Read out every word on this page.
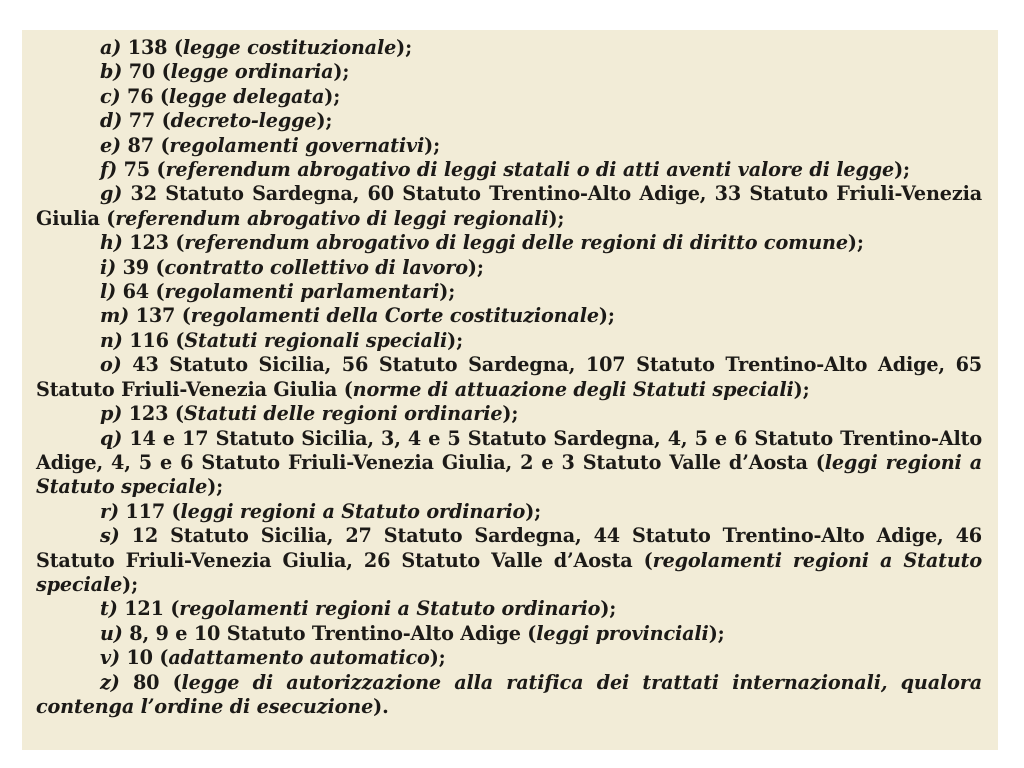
a) 138 (legge costituzionale);

b) 70 (legge ordinaria);

c) 76 (legge delegata);

d) 77 (decreto-legge);

e) 87 (regolamenti governativi);

f) 75 (referendum abrogativo di leggi statali o di atti aventi valore di legge);

g) 32 Statuto Sardegna, 60 Statuto Trentino-Alto Adige, 33 Statuto Friuli-Venezia Giulia (referendum abrogativo di leggi regionali);

h) 123 (referendum abrogativo di leggi delle regioni di diritto comune);

i) 39 (contratto collettivo di lavoro);

l) 64 (regolamenti parlamentari);

m) 137 (regolamenti della Corte costituzionale);

n) 116 (Statuti regionali speciali);

o) 43 Statuto Sicilia, 56 Statuto Sardegna, 107 Statuto Trentino-Alto Adige, 65 Statuto Friuli-Venezia Giulia (norme di attuazione degli Statuti speciali);

p) 123 (Statuti delle regioni ordinarie);

q) 14 e 17 Statuto Sicilia, 3, 4 e 5 Statuto Sardegna, 4, 5 e 6 Statuto Trentino-Alto Adige, 4, 5 e 6 Statuto Friuli-Venezia Giulia, 2 e 3 Statuto Valle d’Aosta (leggi regioni a Statuto speciale);

r) 117 (leggi regioni a Statuto ordinario);

s) 12 Statuto Sicilia, 27 Statuto Sardegna, 44 Statuto Trentino-Alto Adige, 46 Statuto Friuli-Venezia Giulia, 26 Statuto Valle d’Aosta (regolamenti regioni a Statuto speciale);

t) 121 (regolamenti regioni a Statuto ordinario);

u) 8, 9 e 10 Statuto Trentino-Alto Adige (leggi provinciali);

v) 10 (adattamento automatico);

z) 80 (legge di autorizzazione alla ratifica dei trattati internazionali, qualora contenga l’ordine di esecuzione).
